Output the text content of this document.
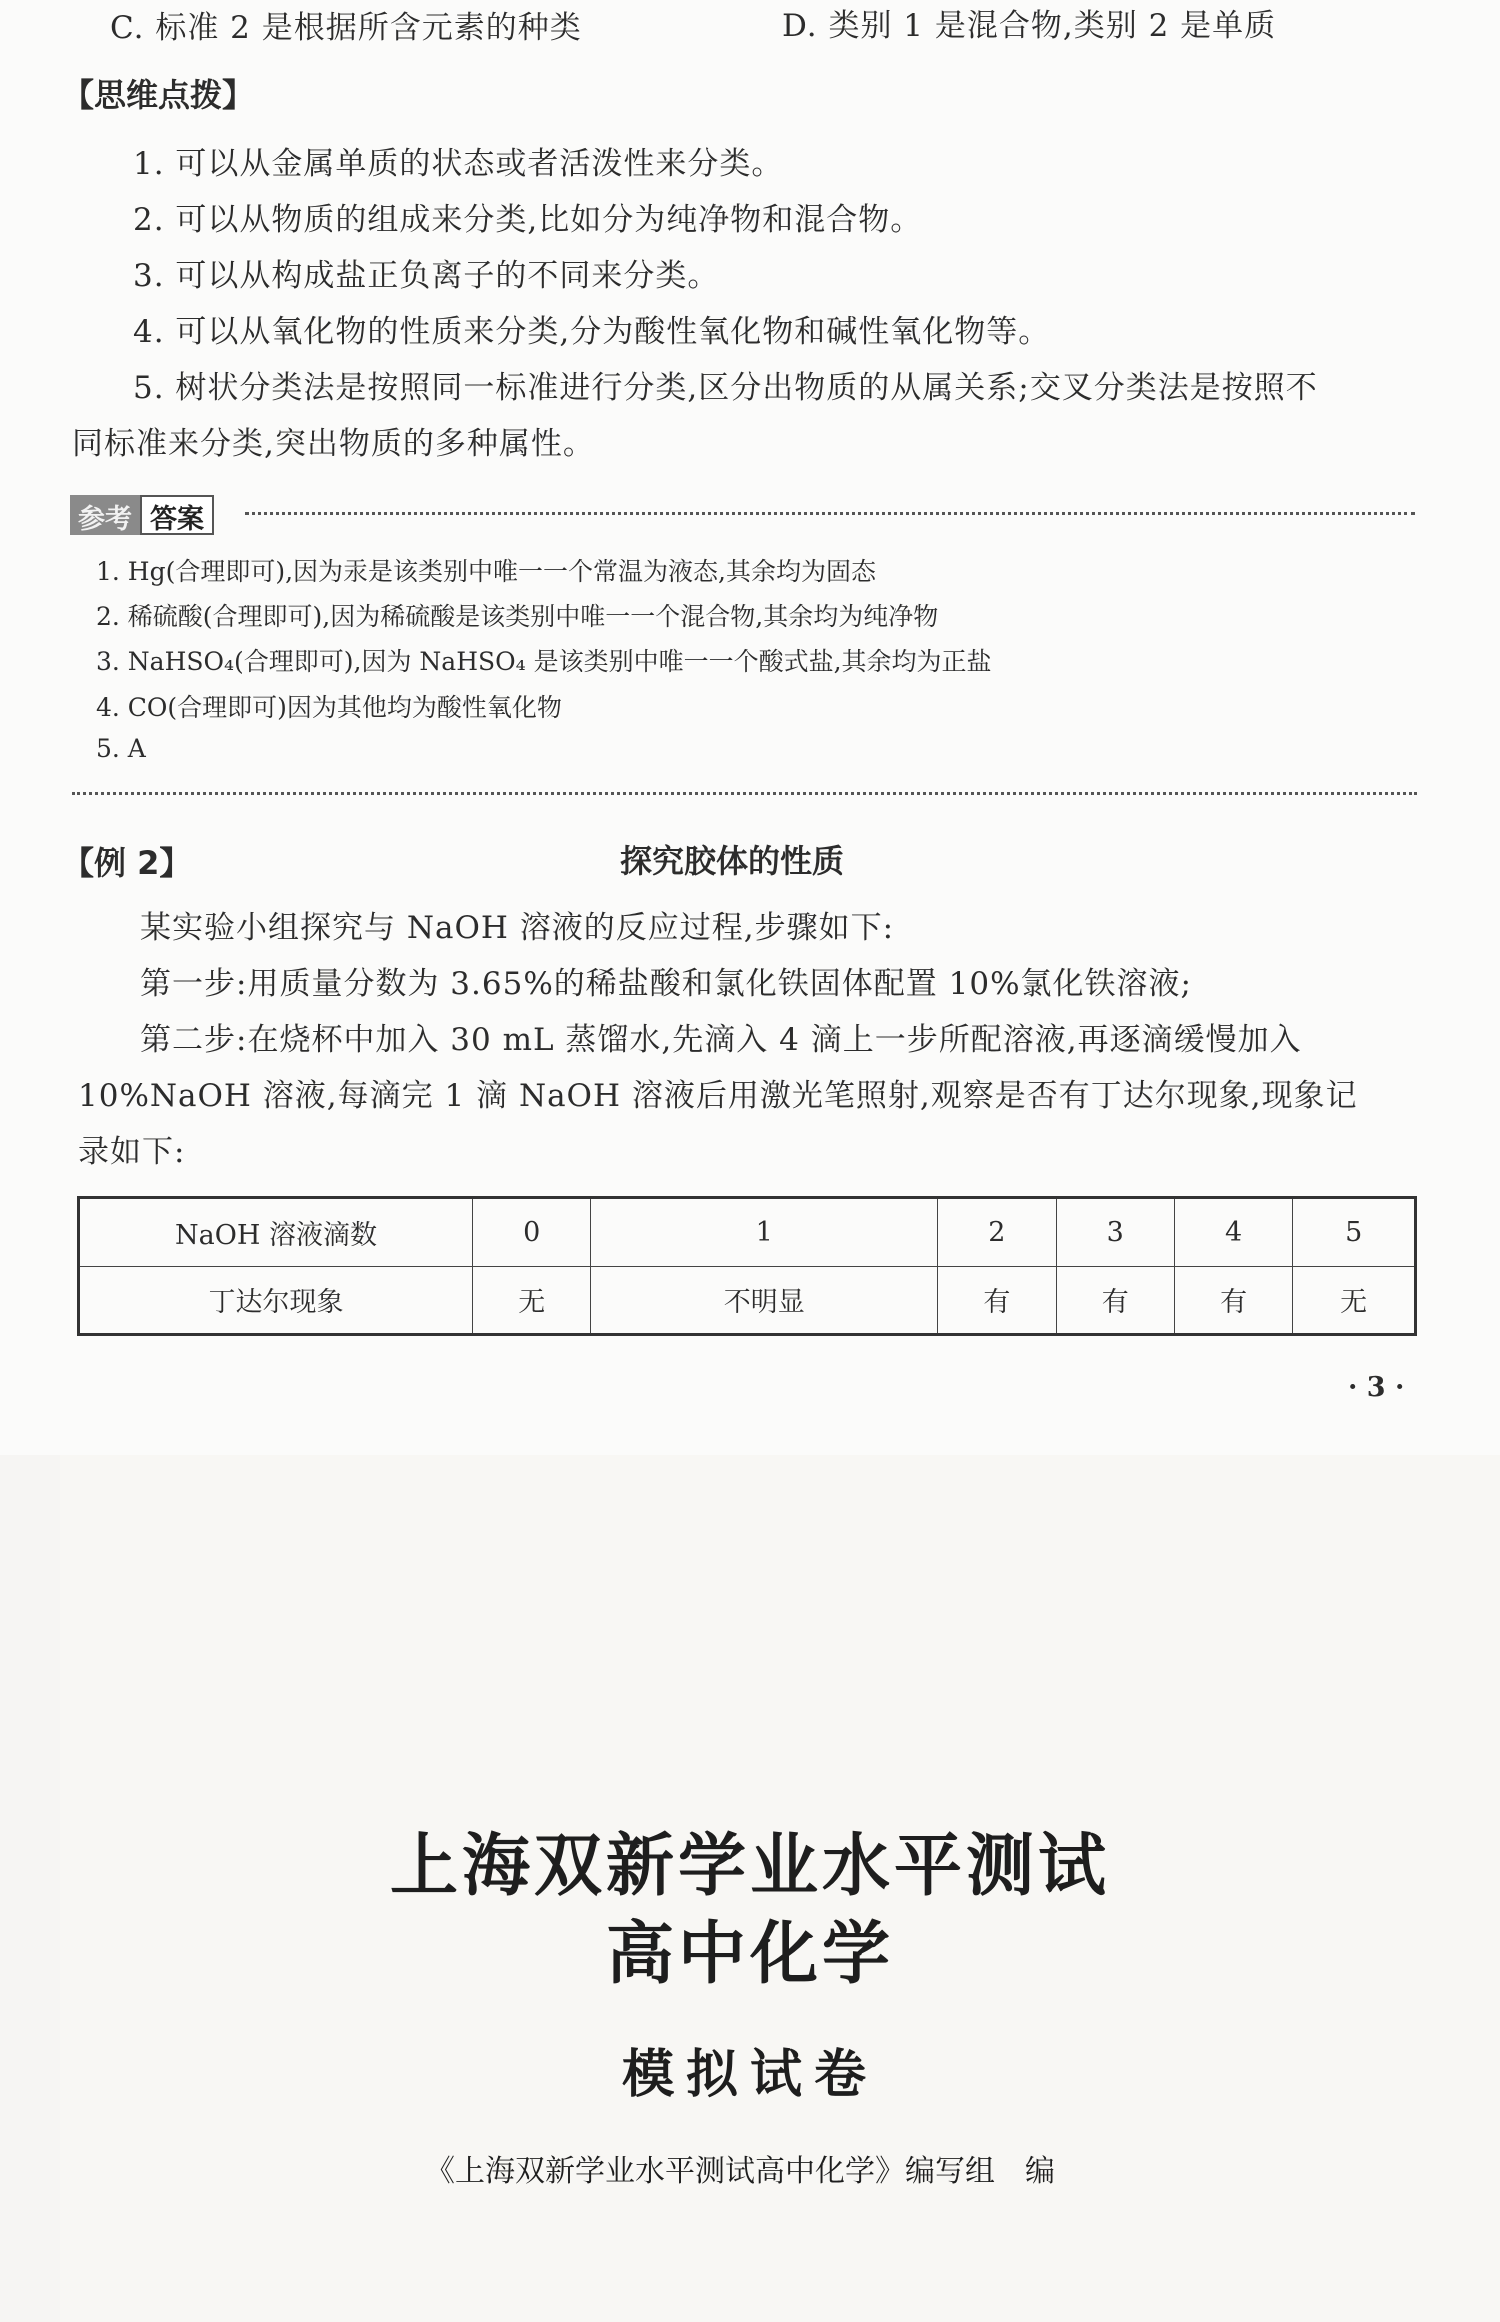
C. 标准 2 是根据所含元素的种类	D. 类别 1 是混合物,类别 2 是单质
【思维点拨】
1. 可以从金属单质的状态或者活泼性来分类。
2. 可以从物质的组成来分类,比如分为纯净物和混合物。
3. 可以从构成盐正负离子的不同来分类。
4. 可以从氧化物的性质来分类,分为酸性氧化物和碱性氧化物等。
5. 树状分类法是按照同一标准进行分类,区分出物质的从属关系;交叉分类法是按照不
同标准来分类,突出物质的多种属性。
参考 答案
1. Hg(合理即可),因为汞是该类别中唯一一个常温为液态,其余均为固态
2. 稀硫酸(合理即可),因为稀硫酸是该类别中唯一一个混合物,其余均为纯净物
3. NaHSO₄(合理即可),因为 NaHSO₄ 是该类别中唯一一个酸式盐,其余均为正盐
4. CO(合理即可)因为其他均为酸性氧化物
5. A
【例 2】	探究胶体的性质
某实验小组探究与 NaOH 溶液的反应过程,步骤如下:
第一步:用质量分数为 3.65%的稀盐酸和氯化铁固体配置 10%氯化铁溶液;
第二步:在烧杯中加入 30 mL 蒸馏水,先滴入 4 滴上一步所配溶液,再逐滴缓慢加入
10%NaOH 溶液,每滴完 1 滴 NaOH 溶液后用激光笔照射,观察是否有丁达尔现象,现象记
录如下:
NaOH 溶液滴数	0	1	2	3	4	5
丁达尔现象	无	不明显	有	有	有	无
· 3 ·
上海双新学业水平测试
高中化学
模拟试卷
《上海双新学业水平测试高中化学》编写组　编
